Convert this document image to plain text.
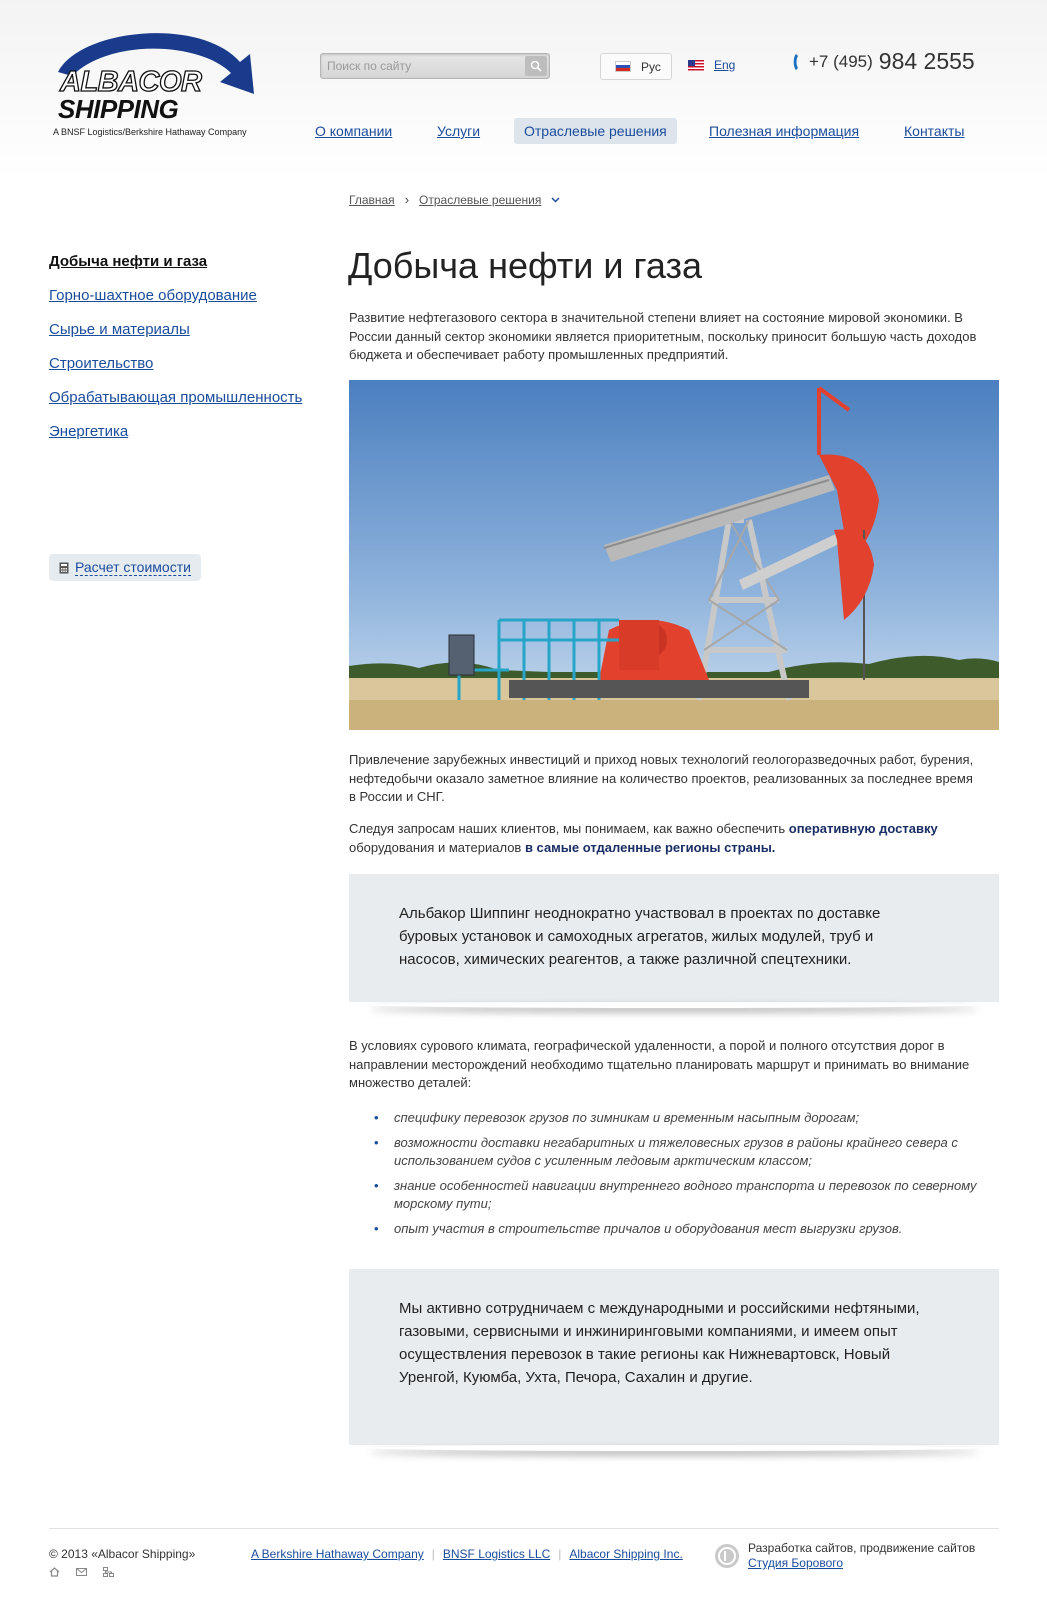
ALBACOR
SHIPPING
A BNSF Logistics/Berkshire Hathaway Company
Поиск по сайту
Рус	Eng	+7 (495) 984 2555
О компании	Услуги	Отраслевые решения	Полезная информация	Контакты
Главная › Отраслевые решения
Добыча нефти и газа
Горно-шахтное оборудование
Сырье и материалы
Строительство
Обрабатывающая промышленность
Энергетика
Расчет стоимости
Добыча нефти и газа

Развитие нефтегазового сектора в значительной степени влияет на состояние мировой экономики. В России данный сектор экономики является приоритетным, поскольку приносит большую часть доходов бюджета и обеспечивает работу промышленных предприятий.

Привлечение зарубежных инвестиций и приход новых технологий геологоразведочных работ, бурения, нефтедобычи оказало заметное влияние на количество проектов, реализованных за последнее время в России и СНГ.

Следуя запросам наших клиентов, мы понимаем, как важно обеспечить оперативную доставку оборудования и материалов в самые отдаленные регионы страны.

Альбакор Шиппинг неоднократно участвовал в проектах по доставке буровых установок и самоходных агрегатов, жилых модулей, труб и насосов, химических реагентов, а также различной спецтехники.

В условиях сурового климата, географической удаленности, а порой и полного отсутствия дорог в направлении месторождений необходимо тщательно планировать маршрут и принимать во внимание множество деталей:

• специфику перевозок грузов по зимникам и временным насыпным дорогам;
• возможности доставки негабаритных и тяжеловесных грузов в районы крайнего севера с использованием судов с усиленным ледовым арктическим классом;
• знание особенностей навигации внутреннего водного транспорта и перевозок по северному морскому пути;
• опыт участия в строительстве причалов и оборудования мест выгрузки грузов.

Мы активно сотрудничаем с международными и российскими нефтяными, газовыми, сервисными и инжиниринговыми компаниями, и имеем опыт осуществления перевозок в такие регионы как Нижневартовск, Новый Уренгой, Куюмба, Ухта, Печора, Сахалин и другие.

© 2013 «Albacor Shipping»	A Berkshire Hathaway Company | BNSF Logistics LLC | Albacor Shipping Inc.	Разработка сайтов, продвижение сайтов
Студия Борового
